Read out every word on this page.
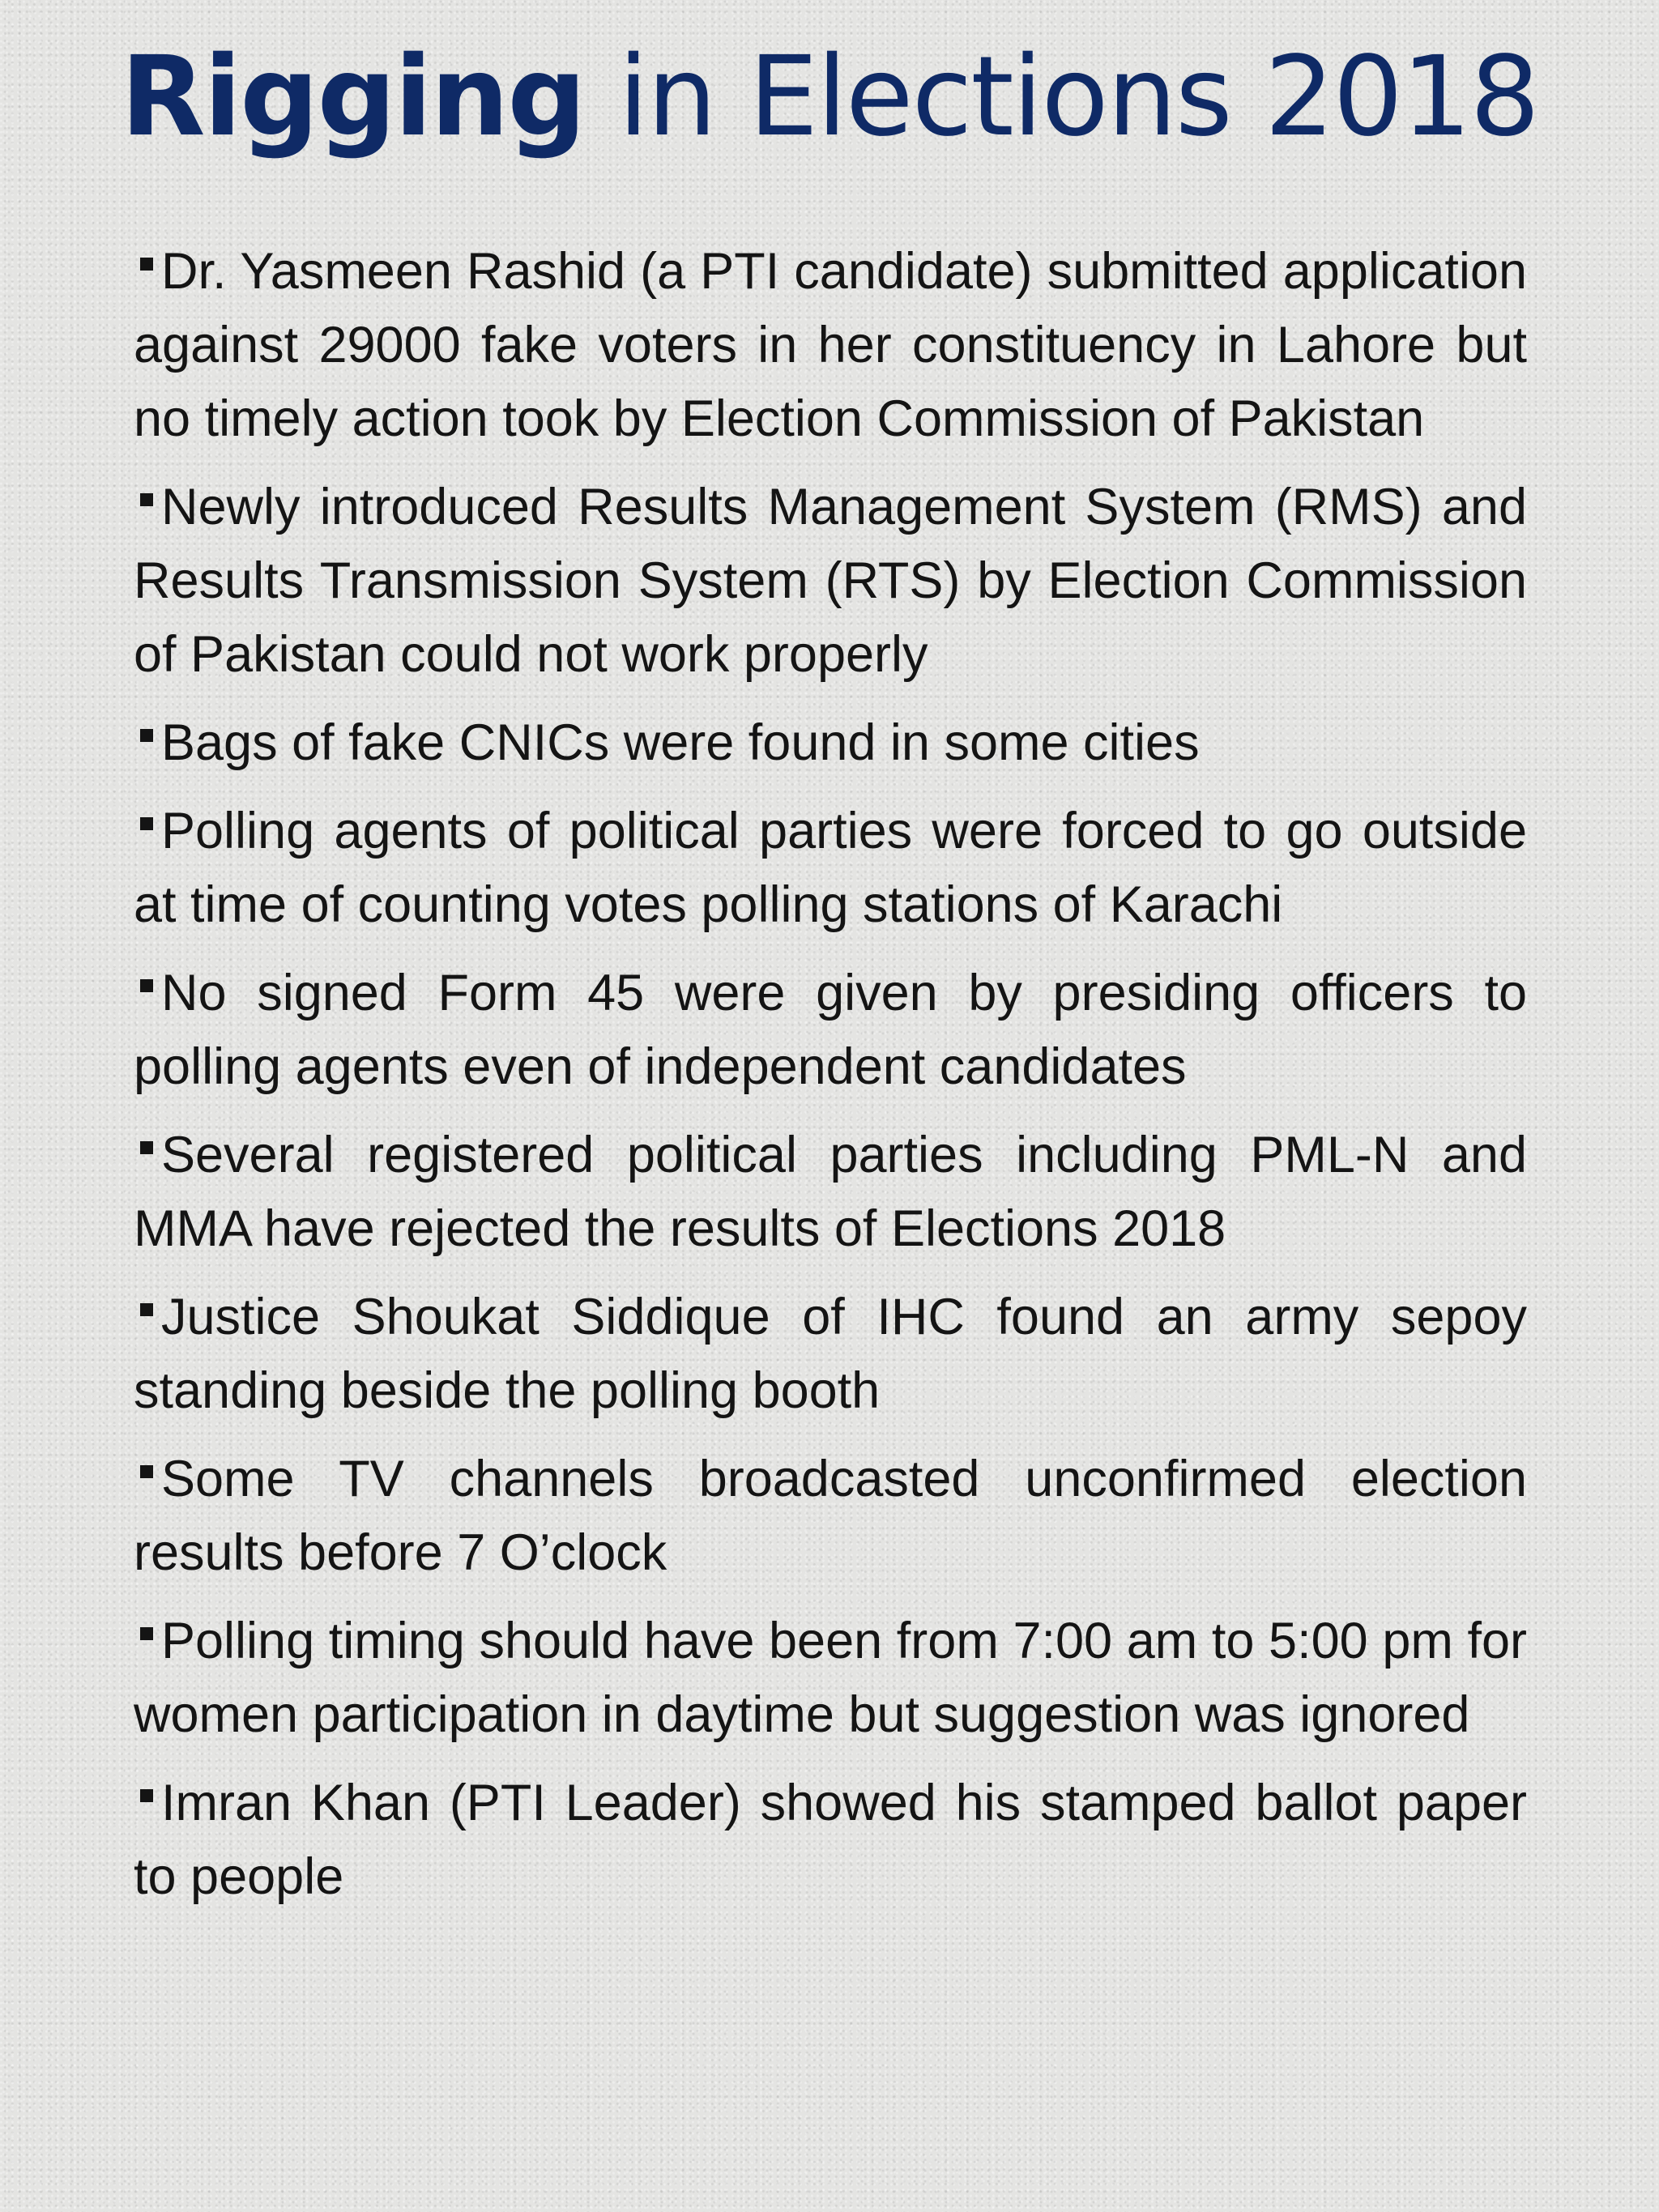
Rigging in Elections 2018
Dr. Yasmeen Rashid (a PTI candidate) submitted application against 29000 fake voters in her constituency in Lahore but no timely action took by Election Commission of Pakistan
Newly introduced Results Management System (RMS) and Results Transmission System (RTS) by Election Commission of Pakistan could not work properly
Bags of fake CNICs were found in some cities
Polling agents of political parties were forced to go outside at time of counting votes polling stations of Karachi
No signed Form 45 were given by presiding officers to polling agents even of independent candidates
Several registered political parties including PML-N and MMA have rejected the results of Elections 2018
Justice Shoukat Siddique of IHC found an army sepoy standing beside the polling booth
Some TV channels broadcasted unconfirmed election results before 7 O’clock
Polling timing should have been from 7:00 am to 5:00 pm for women participation in daytime but suggestion was ignored
Imran Khan (PTI Leader) showed his stamped ballot paper to people
